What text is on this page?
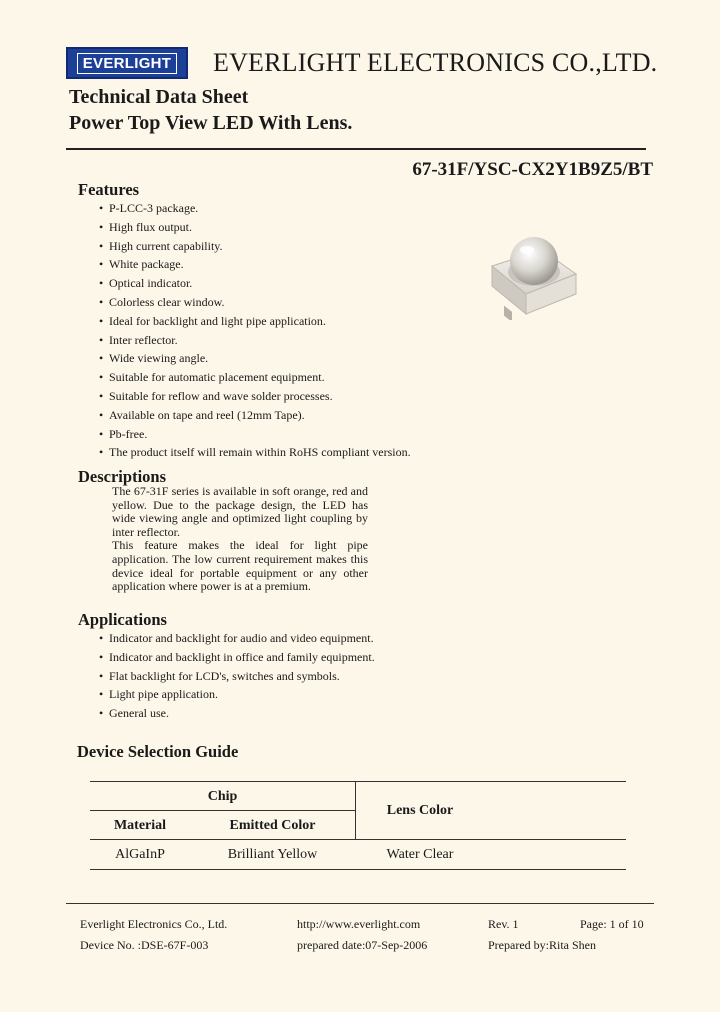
EVERLIGHT EVERLIGHT ELECTRONICS CO.,LTD.
Technical Data Sheet
Power Top View LED With Lens.
67-31F/YSC-CX2Y1B9Z5/BT
Features
• P-LCC-3 package.
• High flux output.
• High current capability.
• White package.
• Optical indicator.
• Colorless clear window.
• Ideal for backlight and light pipe application.
• Inter reflector.
• Wide viewing angle.
• Suitable for automatic placement equipment.
• Suitable for reflow and wave solder processes.
• Available on tape and reel (12mm Tape).
• Pb-free.
• The product itself will remain within RoHS compliant version.
Descriptions

The 67-31F series is available in soft orange, red and yellow. Due to the package design, the LED has wide viewing angle and optimized light coupling by inter reflector.

This feature makes the ideal for light pipe application. The low current requirement makes this device ideal for portable equipment or any other application where power is at a premium.

Applications
• Indicator and backlight for audio and video equipment.
• Indicator and backlight in office and family equipment.
• Flat backlight for LCD's, switches and symbols.
• Light pipe application.
• General use.
Device Selection Guide
Chip
Material	Emitted Color
Lens Color
AlGaInP	Brilliant Yellow	Water Clear
Everlight Electronics Co., Ltd.	http://www.everlight.com	Rev. 1	Page: 1 of 10
Device No. :DSE-67F-003	prepared date:07-Sep-2006	Prepared by:Rita Shen
